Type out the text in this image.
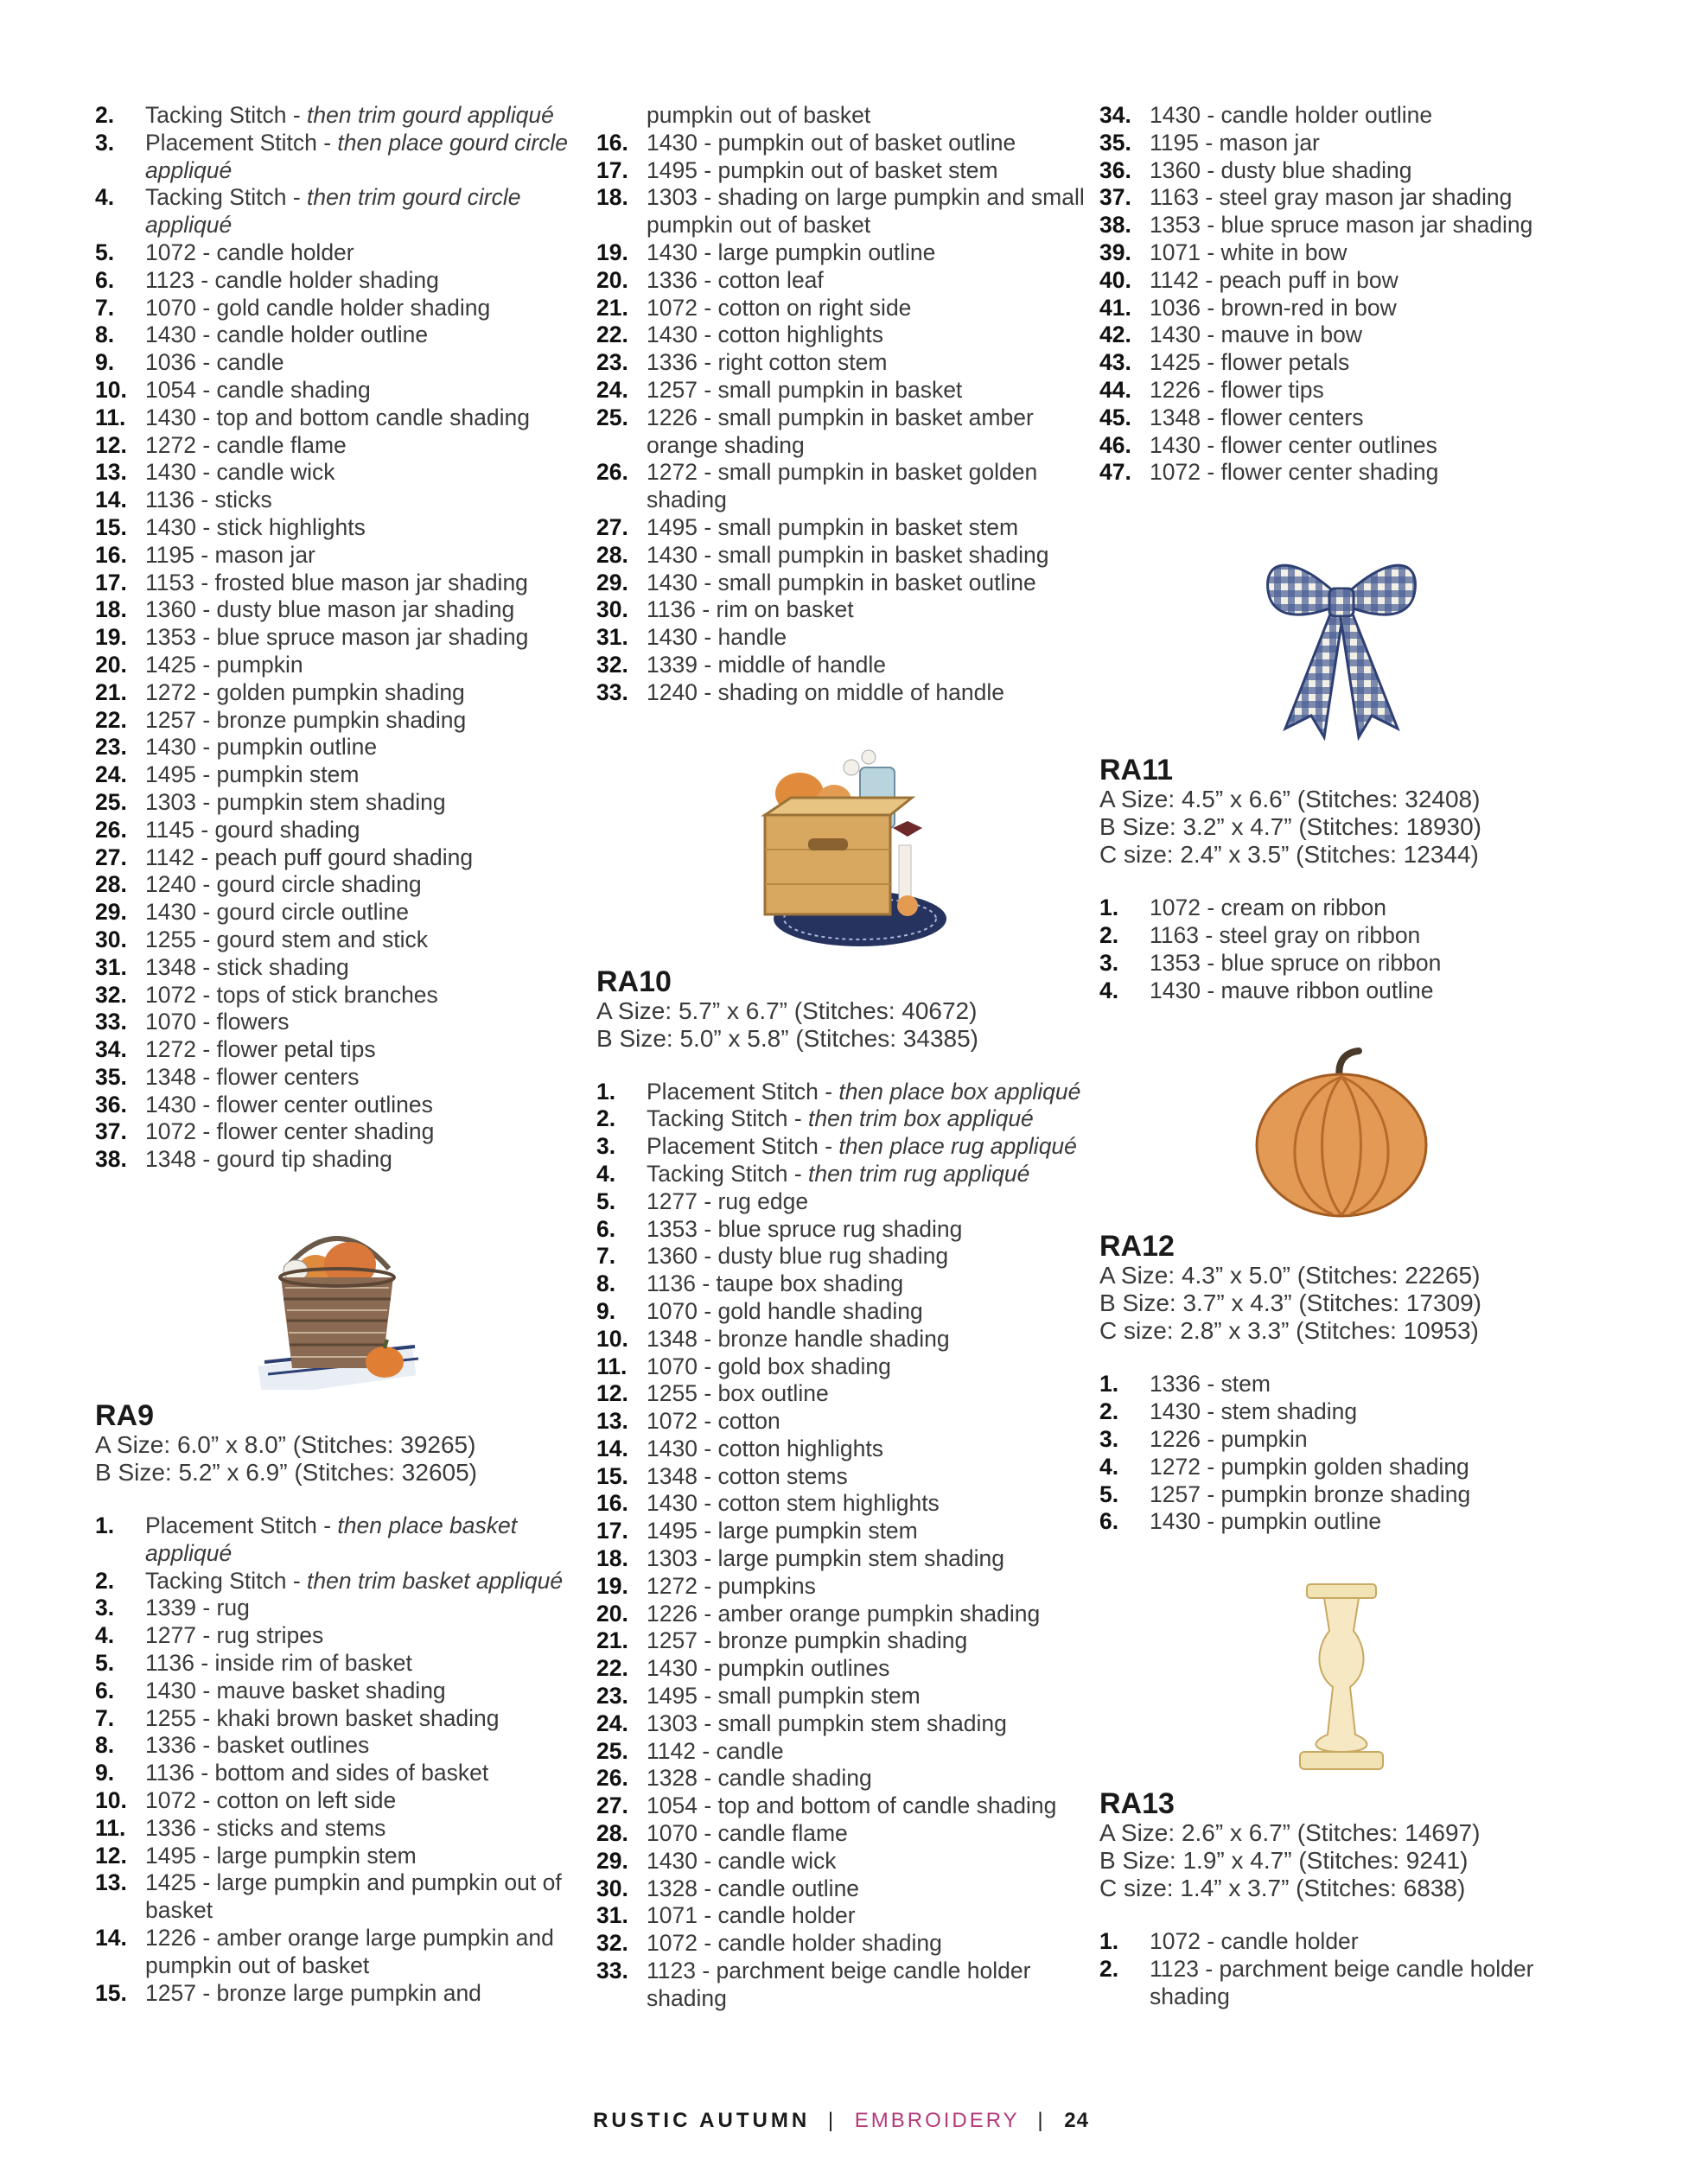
2.	Tacking Stitch - then trim gourd appliqué
3.	Placement Stitch - then place gourd circle appliqué
4.	Tacking Stitch - then trim gourd circle appliqué
5.	1072 - candle holder
6.	1123 - candle holder shading
7.	1070 - gold candle holder shading
8.	1430 - candle holder outline
9.	1036 - candle
10. 1054 - candle shading
11. 1430 - top and bottom candle shading
12. 1272 - candle flame
13. 1430 - candle wick
14. 1136 - sticks
15. 1430 - stick highlights
16. 1195 - mason jar
17. 1153 - frosted blue mason jar shading
18. 1360 - dusty blue mason jar shading
19. 1353 - blue spruce mason jar shading
20. 1425 - pumpkin
21. 1272 - golden pumpkin shading
22. 1257 - bronze pumpkin shading
23. 1430 - pumpkin outline
24. 1495 - pumpkin stem
25. 1303 - pumpkin stem shading
26. 1145 - gourd shading
27. 1142 - peach puff gourd shading
28. 1240 - gourd circle shading
29. 1430 - gourd circle outline
30. 1255 - gourd stem and stick
31. 1348 - stick shading
32. 1072 - tops of stick branches
33. 1070 - flowers
34. 1272 - flower petal tips
35. 1348 - flower centers
36. 1430 - flower center outlines
37. 1072 - flower center shading
38. 1348 - gourd tip shading
RA9
A Size: 6.0” x 8.0” (Stitches: 39265)
B Size: 5.2” x 6.9” (Stitches: 32605)
1.	Placement Stitch - then place basket appliqué
2.	Tacking Stitch - then trim basket appliqué
3.	1339 - rug
4.	1277 - rug stripes
5.	1136 - inside rim of basket
6.	1430 - mauve basket shading
7.	1255 - khaki brown basket shading
8.	1336 - basket outlines
9.	1136 - bottom and sides of basket
10. 1072 - cotton on left side
11. 1336 - sticks and stems
12. 1495 - large pumpkin stem
13. 1425 - large pumpkin and pumpkin out of basket
14. 1226 - amber orange large pumpkin and pumpkin out of basket
15. 1257 - bronze large pumpkin and
pumpkin out of basket
16. 1430 - pumpkin out of basket outline
17. 1495 - pumpkin out of basket stem
18. 1303 - shading on large pumpkin and small pumpkin out of basket
19. 1430 - large pumpkin outline
20. 1336 - cotton leaf
21. 1072 - cotton on right side
22. 1430 - cotton highlights
23. 1336 - right cotton stem
24. 1257 - small pumpkin in basket
25. 1226 - small pumpkin in basket amber orange shading
26. 1272 - small pumpkin in basket golden shading
27. 1495 - small pumpkin in basket stem
28. 1430 - small pumpkin in basket shading
29. 1430 - small pumpkin in basket outline
30. 1136 - rim on basket
31. 1430 - handle
32. 1339 - middle of handle
33. 1240 - shading on middle of handle
RA10
A Size: 5.7” x 6.7” (Stitches: 40672)
B Size: 5.0” x 5.8” (Stitches: 34385)
1.	Placement Stitch - then place box appliqué
2.	Tacking Stitch - then trim box appliqué
3.	Placement Stitch - then place rug appliqué
4.	Tacking Stitch - then trim rug appliqué
5.	1277 - rug edge
6.	1353 - blue spruce rug shading
7.	1360 - dusty blue rug shading
8.	1136 - taupe box shading
9.	1070 - gold handle shading
10. 1348 - bronze handle shading
11. 1070 - gold box shading
12. 1255 - box outline
13. 1072 - cotton
14. 1430 - cotton highlights
15. 1348 - cotton stems
16. 1430 - cotton stem highlights
17. 1495 - large pumpkin stem
18. 1303 - large pumpkin stem shading
19. 1272 - pumpkins
20. 1226 - amber orange pumpkin shading
21. 1257 - bronze pumpkin shading
22. 1430 - pumpkin outlines
23. 1495 - small pumpkin stem
24. 1303 - small pumpkin stem shading
25. 1142 - candle
26. 1328 - candle shading
27. 1054 - top and bottom of candle shading
28. 1070 - candle flame
29. 1430 - candle wick
30. 1328 - candle outline
31. 1071 - candle holder
32. 1072 - candle holder shading
33. 1123 - parchment beige candle holder shading
34. 1430 - candle holder outline
35. 1195 - mason jar
36. 1360 - dusty blue shading
37. 1163 - steel gray mason jar shading
38. 1353 - blue spruce mason jar shading
39. 1071 - white in bow
40. 1142 - peach puff in bow
41. 1036 - brown-red in bow
42. 1430 - mauve in bow
43. 1425 - flower petals
44. 1226 - flower tips
45. 1348 - flower centers
46. 1430 - flower center outlines
47. 1072 - flower center shading
RA11
A Size: 4.5” x 6.6” (Stitches: 32408)
B Size: 3.2” x 4.7” (Stitches: 18930)
C size: 2.4” x 3.5” (Stitches: 12344)
1.	1072 - cream on ribbon
2.	1163 - steel gray on ribbon
3.	1353 - blue spruce on ribbon
4.	1430 - mauve ribbon outline
RA12
A Size: 4.3” x 5.0” (Stitches: 22265)
B Size: 3.7” x 4.3” (Stitches: 17309)
C size: 2.8” x 3.3” (Stitches: 10953)
1.	1336 - stem
2.	1430 - stem shading
3.	1226 - pumpkin
4.	1272 - pumpkin golden shading
5.	1257 - pumpkin bronze shading
6.	1430 - pumpkin outline
RA13
A Size: 2.6” x 6.7” (Stitches: 14697)
B Size: 1.9” x 4.7” (Stitches: 9241)
C size: 1.4” x 3.7” (Stitches: 6838)
1.	1072 - candle holder
2.	1123 - parchment beige candle holder shading
RUSTIC AUTUMN | EMBROIDERY | 24
